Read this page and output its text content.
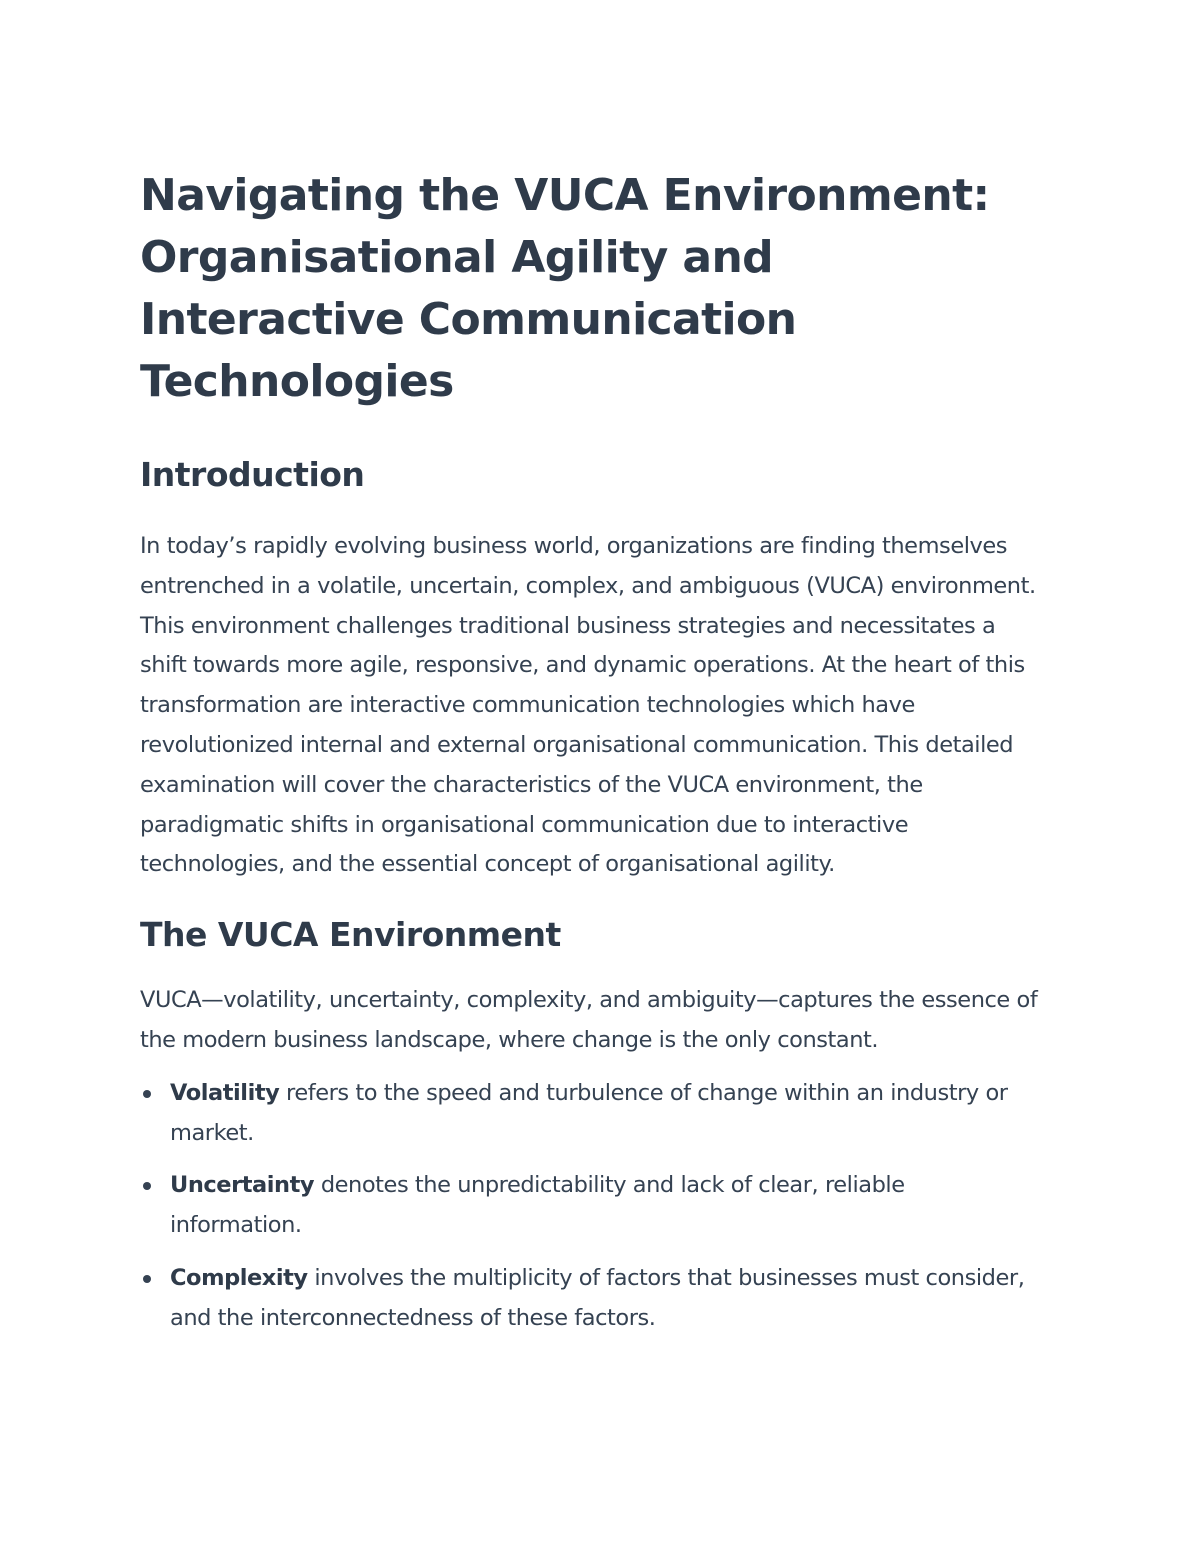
Navigating the VUCA Environment: Organisational Agility and Interactive Communication Technologies
Introduction

In today’s rapidly evolving business world, organizations are finding themselves entrenched in a volatile, uncertain, complex, and ambiguous (VUCA) environment. This environment challenges traditional business strategies and necessitates a shift towards more agile, responsive, and dynamic operations. At the heart of this transformation are interactive communication technologies which have revolutionized internal and external organisational communication. This detailed examination will cover the characteristics of the VUCA environment, the paradigmatic shifts in organisational communication due to interactive technologies, and the essential concept of organisational agility.

The VUCA Environment

VUCA—volatility, uncertainty, complexity, and ambiguity—captures the essence of the modern business landscape, where change is the only constant.

Volatility refers to the speed and turbulence of change within an industry or market.
Uncertainty denotes the unpredictability and lack of clear, reliable information.
Complexity involves the multiplicity of factors that businesses must consider, and the interconnectedness of these factors.
